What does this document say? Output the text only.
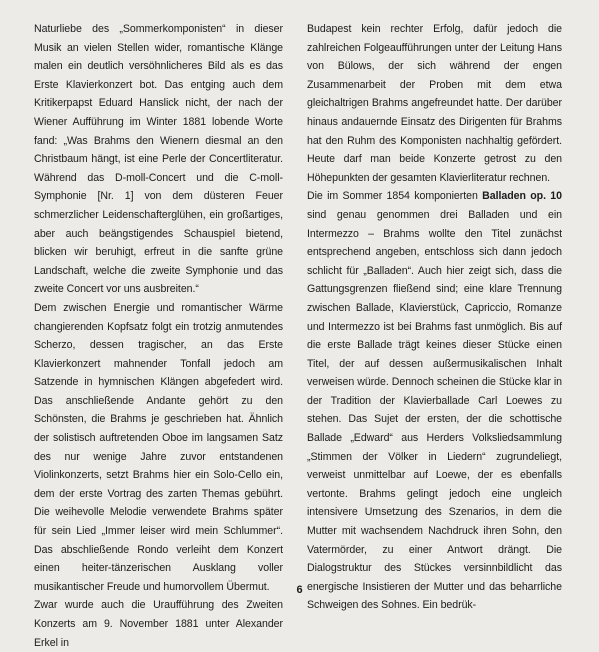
Naturliebe des „Sommerkomponisten“ in dieser Musik an vielen Stellen wider, romantische Klänge malen ein deutlich versöhnlicheres Bild als es das Erste Klavierkonzert bot. Das entging auch dem Kritikerpapst Eduard Hanslick nicht, der nach der Wiener Aufführung im Winter 1881 lobende Worte fand: „Was Brahms den Wienern diesmal an den Christbaum hängt, ist eine Perle der Concertliteratur. Während das D-moll-Concert und die C-moll-Symphonie [Nr. 1] von dem düsteren Feuer schmerzlicher Leidenschafterglühen, ein großartiges, aber auch beängstigendes Schauspiel bietend, blicken wir beruhigt, erfreut in die sanfte grüne Landschaft, welche die zweite Symphonie und das zweite Concert vor uns ausbreiten.“

Dem zwischen Energie und romantischer Wärme changierenden Kopfsatz folgt ein trotzig anmutendes Scherzo, dessen tragischer, an das Erste Klavierkonzert mahnender Tonfall jedoch am Satzende in hymnischen Klängen abgefedert wird. Das anschließende Andante gehört zu den Schönsten, die Brahms je geschrieben hat. Ähnlich der solistisch auftretenden Oboe im langsamen Satz des nur wenige Jahre zuvor entstandenen Violinkonzerts, setzt Brahms hier ein Solo-Cello ein, dem der erste Vortrag des zarten Themas gebührt. Die weihevolle Melodie verwendete Brahms später für sein Lied „Immer leiser wird mein Schlummer“. Das abschließende Rondo verleiht dem Konzert einen heiter-tänzerischen Ausklang voller musikantischer Freude und humorvollem Übermut.

Zwar wurde auch die Uraufführung des Zweiten Konzerts am 9. November 1881 unter Alexander Erkel in

Budapest kein rechter Erfolg, dafür jedoch die zahlreichen Folgeaufführungen unter der Leitung Hans von Bülows, der sich während der engen Zusammenarbeit der Proben mit dem etwa gleichaltrigen Brahms angefreundet hatte. Der darüber hinaus andauernde Einsatz des Dirigenten für Brahms hat den Ruhm des Komponisten nachhaltig gefördert. Heute darf man beide Konzerte getrost zu den Höhepunkten der gesamten Klavierliteratur rechnen.

Die im Sommer 1854 komponierten Balladen op. 10 sind genau genommen drei Balladen und ein Intermezzo – Brahms wollte den Titel zunächst entsprechend angeben, entschloss sich dann jedoch schlicht für „Balladen“. Auch hier zeigt sich, dass die Gattungsgrenzen fließend sind; eine klare Trennung zwischen Ballade, Klavierstück, Capriccio, Romanze und Intermezzo ist bei Brahms fast unmöglich. Bis auf die erste Ballade trägt keines dieser Stücke einen Titel, der auf dessen außermusikalischen Inhalt verweisen würde. Dennoch scheinen die Stücke klar in der Tradition der Klavierballade Carl Loewes zu stehen. Das Sujet der ersten, der die schottische Ballade „Edward“ aus Herders Volksliedsammlung „Stimmen der Völker in Liedern“ zugrundeliegt, verweist unmittelbar auf Loewe, der es ebenfalls vertonte. Brahms gelingt jedoch eine ungleich intensivere Umsetzung des Szenarios, in dem die Mutter mit wachsendem Nachdruck ihren Sohn, den Vatermörder, zu einer Antwort drängt. Die Dialogstruktur des Stückes versinnbildlicht das energische Insistieren der Mutter und das beharrliche Schweigen des Sohnes. Ein bedrük-

6
